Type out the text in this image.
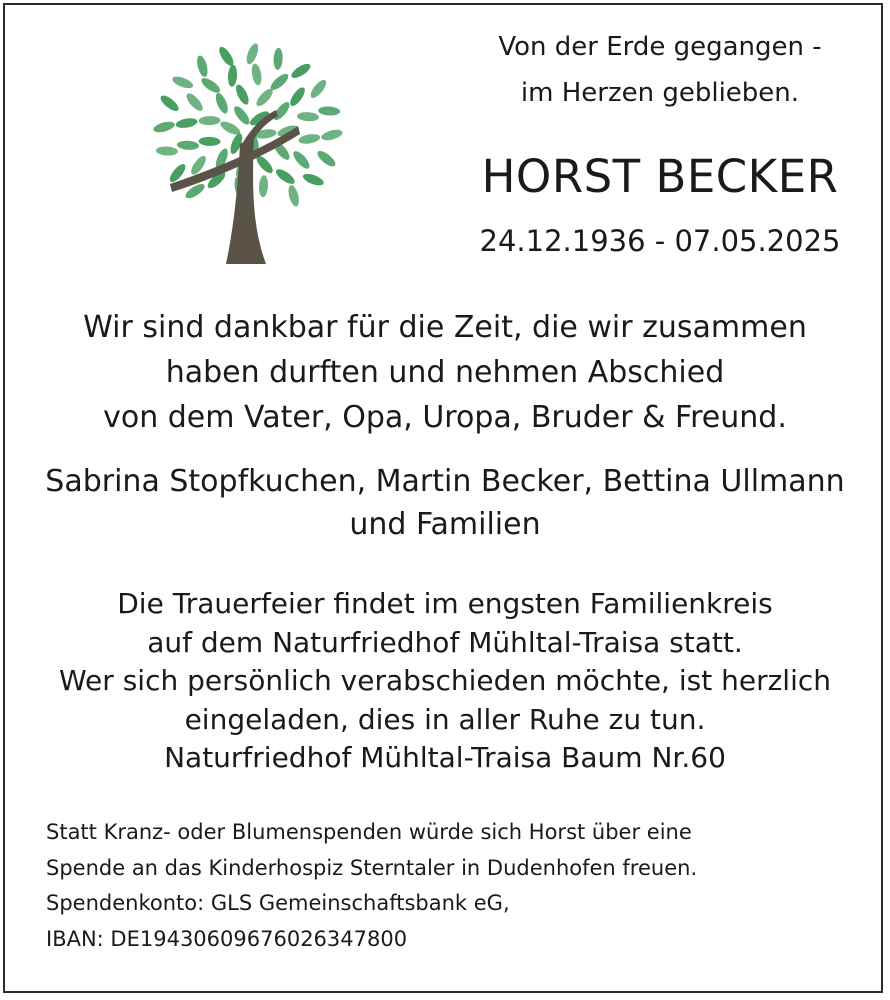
Von der Erde gegangen -
im Herzen geblieben.
HORST BECKER
24.12.1936 - 07.05.2025
Wir sind dankbar für die Zeit, die wir zusammen
haben durften und nehmen Abschied
von dem Vater, Opa, Uropa, Bruder & Freund.
Sabrina Stopfkuchen, Martin Becker, Bettina Ullmann
und Familien
Die Trauerfeier findet im engsten Familienkreis
auf dem Naturfriedhof Mühltal-Traisa statt.
Wer sich persönlich verabschieden möchte, ist herzlich
eingeladen, dies in aller Ruhe zu tun.
Naturfriedhof Mühltal-Traisa Baum Nr.60
Statt Kranz- oder Blumenspenden würde sich Horst über eine
Spende an das Kinderhospiz Sterntaler in Dudenhofen freuen.
Spendenkonto: GLS Gemeinschaftsbank eG,
IBAN: DE19430609676026347800
